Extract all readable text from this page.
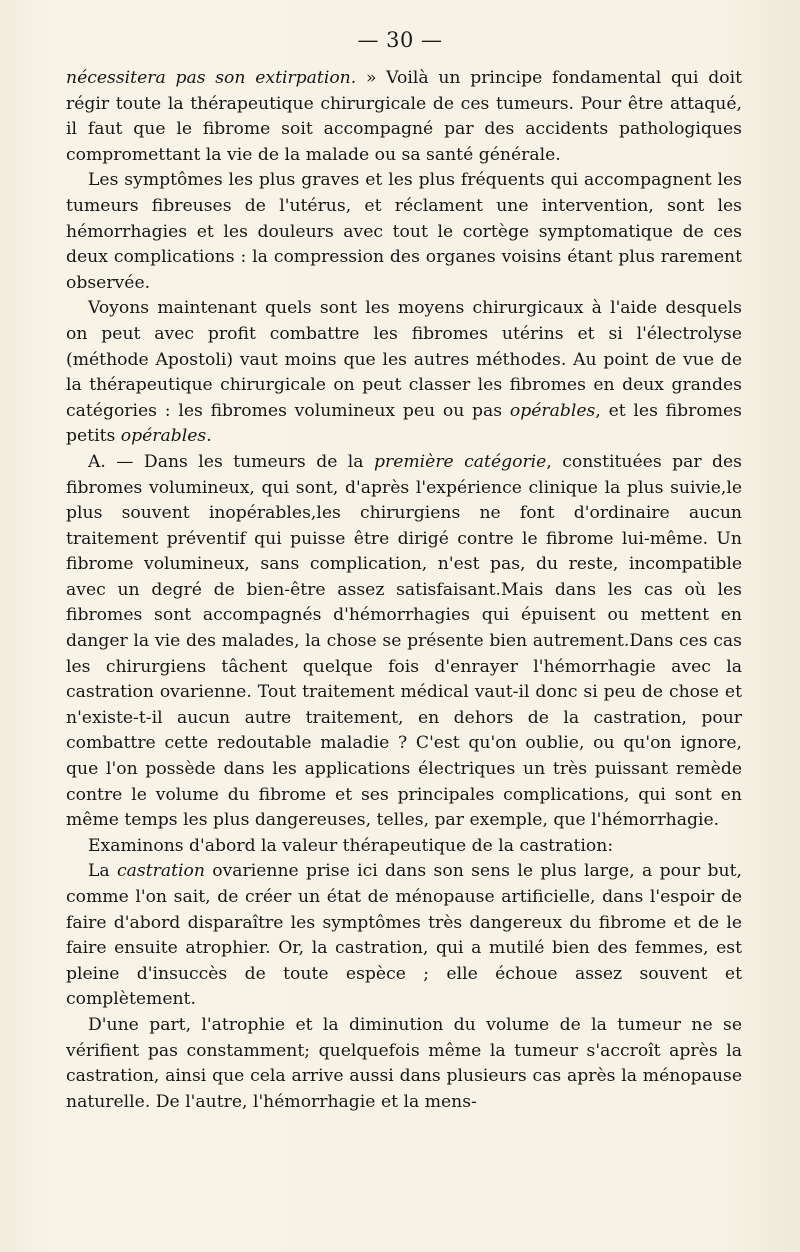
— 30 —

nécessitera pas son extirpation. » Voilà un principe fondamental qui doit régir toute la thérapeutique chirurgicale de ces tumeurs. Pour être attaqué, il faut que le fibrome soit accompagné par des accidents pathologiques compromettant la vie de la malade ou sa santé générale.

Les symptômes les plus graves et les plus fréquents qui accompagnent les tumeurs fibreuses de l'utérus, et réclament une intervention, sont les hémorrhagies et les douleurs avec tout le cortège symptomatique de ces deux complications : la compression des organes voisins étant plus rarement observée.

Voyons maintenant quels sont les moyens chirurgicaux à l'aide desquels on peut avec profit combattre les fibromes utérins et si l'électrolyse (méthode Apostoli) vaut moins que les autres méthodes. Au point de vue de la thérapeutique chirurgicale on peut classer les fibromes en deux grandes catégories : les fibromes volumineux peu ou pas opérables, et les fibromes petits opérables.

A. — Dans les tumeurs de la première catégorie, constituées par des fibromes volumineux, qui sont, d'après l'expérience clinique la plus suivie,le plus souvent inopérables,les chirurgiens ne font d'ordinaire aucun traitement préventif qui puisse être dirigé contre le fibrome lui-même. Un fibrome volumineux, sans complication, n'est pas, du reste, incompatible avec un degré de bien-être assez satisfaisant.Mais dans les cas où les fibromes sont accompagnés d'hémorrhagies qui épuisent ou mettent en danger la vie des malades, la chose se présente bien autrement.Dans ces cas les chirurgiens tâchent quelque fois d'enrayer l'hémorrhagie avec la castration ovarienne. Tout traitement médical vaut-il donc si peu de chose et n'existe-t-il aucun autre traitement, en dehors de la castration, pour combattre cette redoutable maladie ? C'est qu'on oublie, ou qu'on ignore, que l'on possède dans les applications électriques un très puissant remède contre le volume du fibrome et ses principales complications, qui sont en même temps les plus dangereuses, telles, par exemple, que l'hémorrhagie.

Examinons d'abord la valeur thérapeutique de la castration:

La castration ovarienne prise ici dans son sens le plus large, a pour but, comme l'on sait, de créer un état de ménopause artificielle, dans l'espoir de faire d'abord disparaître les symptômes très dangereux du fibrome et de le faire ensuite atrophier. Or, la castration, qui a mutilé bien des femmes, est pleine d'insuccès de toute espèce ; elle échoue assez souvent et complètement.

D'une part, l'atrophie et la diminution du volume de la tumeur ne se vérifient pas constamment; quelquefois même la tumeur s'accroît après la castration, ainsi que cela arrive aussi dans plusieurs cas après la ménopause naturelle. De l'autre, l'hémorrhagie et la mens-
